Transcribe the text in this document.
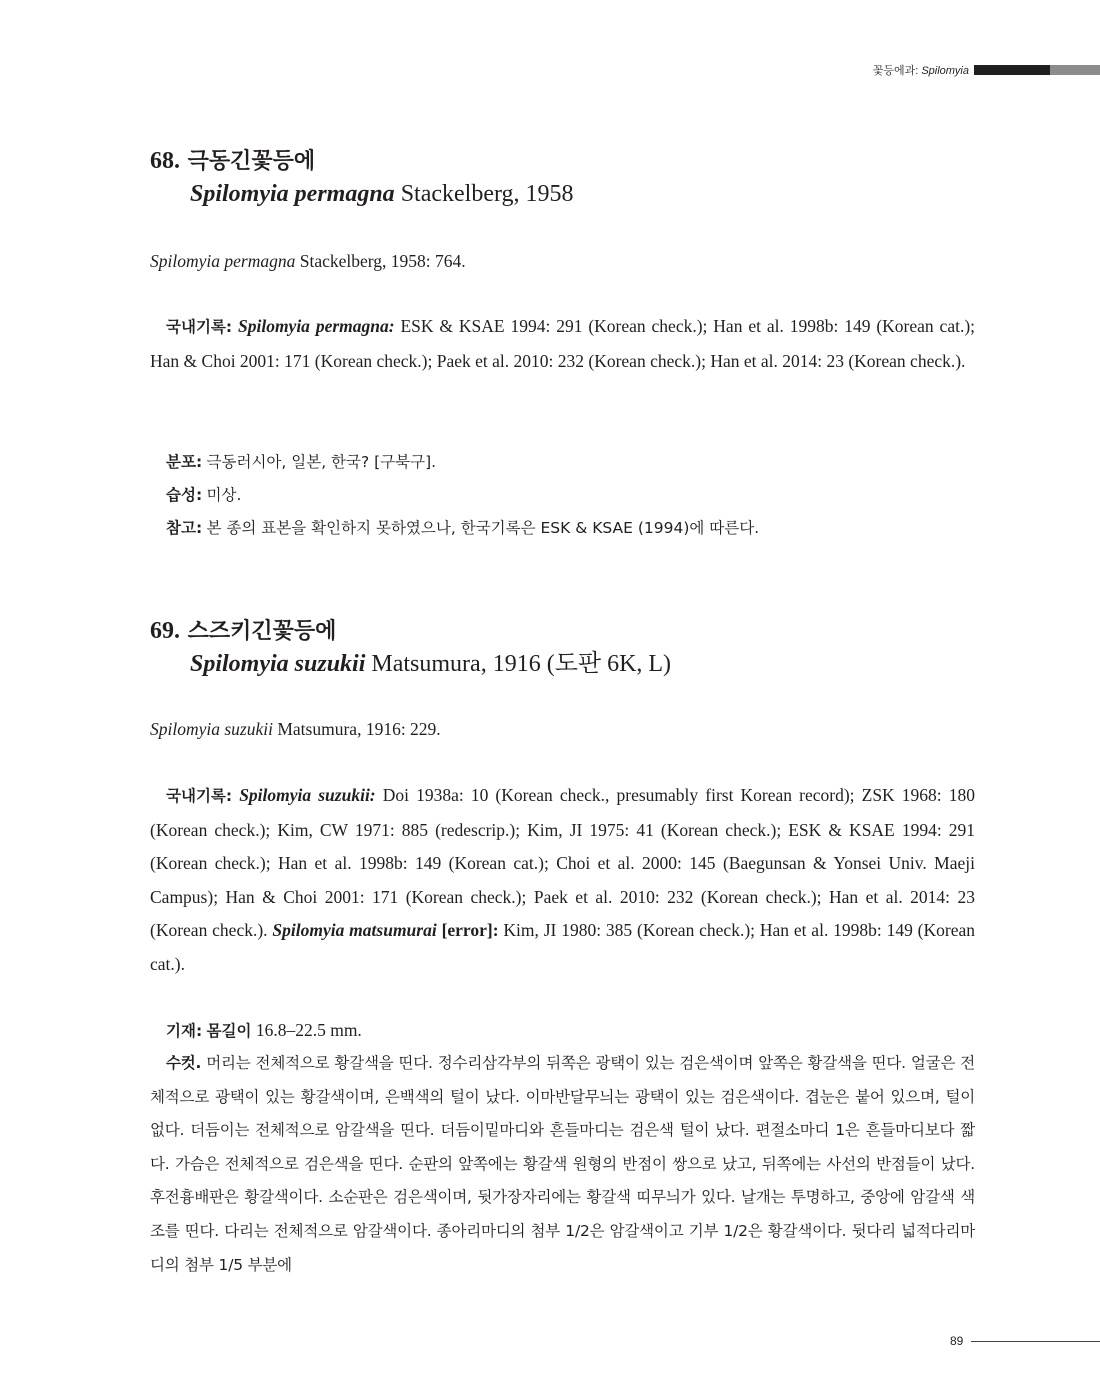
꽃등에과: Spilomyia
68. 극동긴꽃등에
Spilomyia permagna Stackelberg, 1958
Spilomyia permagna Stackelberg, 1958: 764.
국내기록: Spilomyia permagna: ESK & KSAE 1994: 291 (Korean check.); Han et al. 1998b: 149 (Korean cat.); Han & Choi 2001: 171 (Korean check.); Paek et al. 2010: 232 (Korean check.); Han et al. 2014: 23 (Korean check.).
분포: 극동러시아, 일본, 한국? [구북구].
습성: 미상.
참고: 본 종의 표본을 확인하지 못하였으나, 한국기록은 ESK & KSAE (1994)에 따른다.
69. 스즈키긴꽃등에
Spilomyia suzukii Matsumura, 1916 (도판 6K, L)
Spilomyia suzukii Matsumura, 1916: 229.
국내기록: Spilomyia suzukii: Doi 1938a: 10 (Korean check., presumably first Korean record); ZSK 1968: 180 (Korean check.); Kim, CW 1971: 885 (redescrip.); Kim, JI 1975: 41 (Korean check.); ESK & KSAE 1994: 291 (Korean check.); Han et al. 1998b: 149 (Korean cat.); Choi et al. 2000: 145 (Baegunsan & Yonsei Univ. Maeji Campus); Han & Choi 2001: 171 (Korean check.); Paek et al. 2010: 232 (Korean check.); Han et al. 2014: 23 (Korean check.). Spilomyia matsumurai [error]: Kim, JI 1980: 385 (Korean check.); Han et al. 1998b: 149 (Korean cat.).
기재: 몸길이 16.8–22.5 mm.
수컷. 머리는 전체적으로 황갈색을 띤다. 정수리삼각부의 뒤쪽은 광택이 있는 검은색이며 앞쪽은 황갈색을 띤다. 얼굴은 전체적으로 광택이 있는 황갈색이며, 은백색의 털이 났다. 이마반달무늬는 광택이 있는 검은색이다. 겹눈은 붙어 있으며, 털이 없다. 더듬이는 전체적으로 암갈색을 띤다. 더듬이밑마디와 흔들마디는 검은색 털이 났다. 편절소마디 1은 흔들마디보다 짧다. 가슴은 전체적으로 검은색을 띤다. 순판의 앞쪽에는 황갈색 원형의 반점이 쌍으로 났고, 뒤쪽에는 사선의 반점들이 났다. 후전흉배판은 황갈색이다. 소순판은 검은색이며, 뒷가장자리에는 황갈색 띠무늬가 있다. 날개는 투명하고, 중앙에 암갈색 색조를 띤다. 다리는 전체적으로 암갈색이다. 종아리마디의 첨부 1/2은 암갈색이고 기부 1/2은 황갈색이다. 뒷다리 넓적다리마디의 첨부 1/5 부분에
89
